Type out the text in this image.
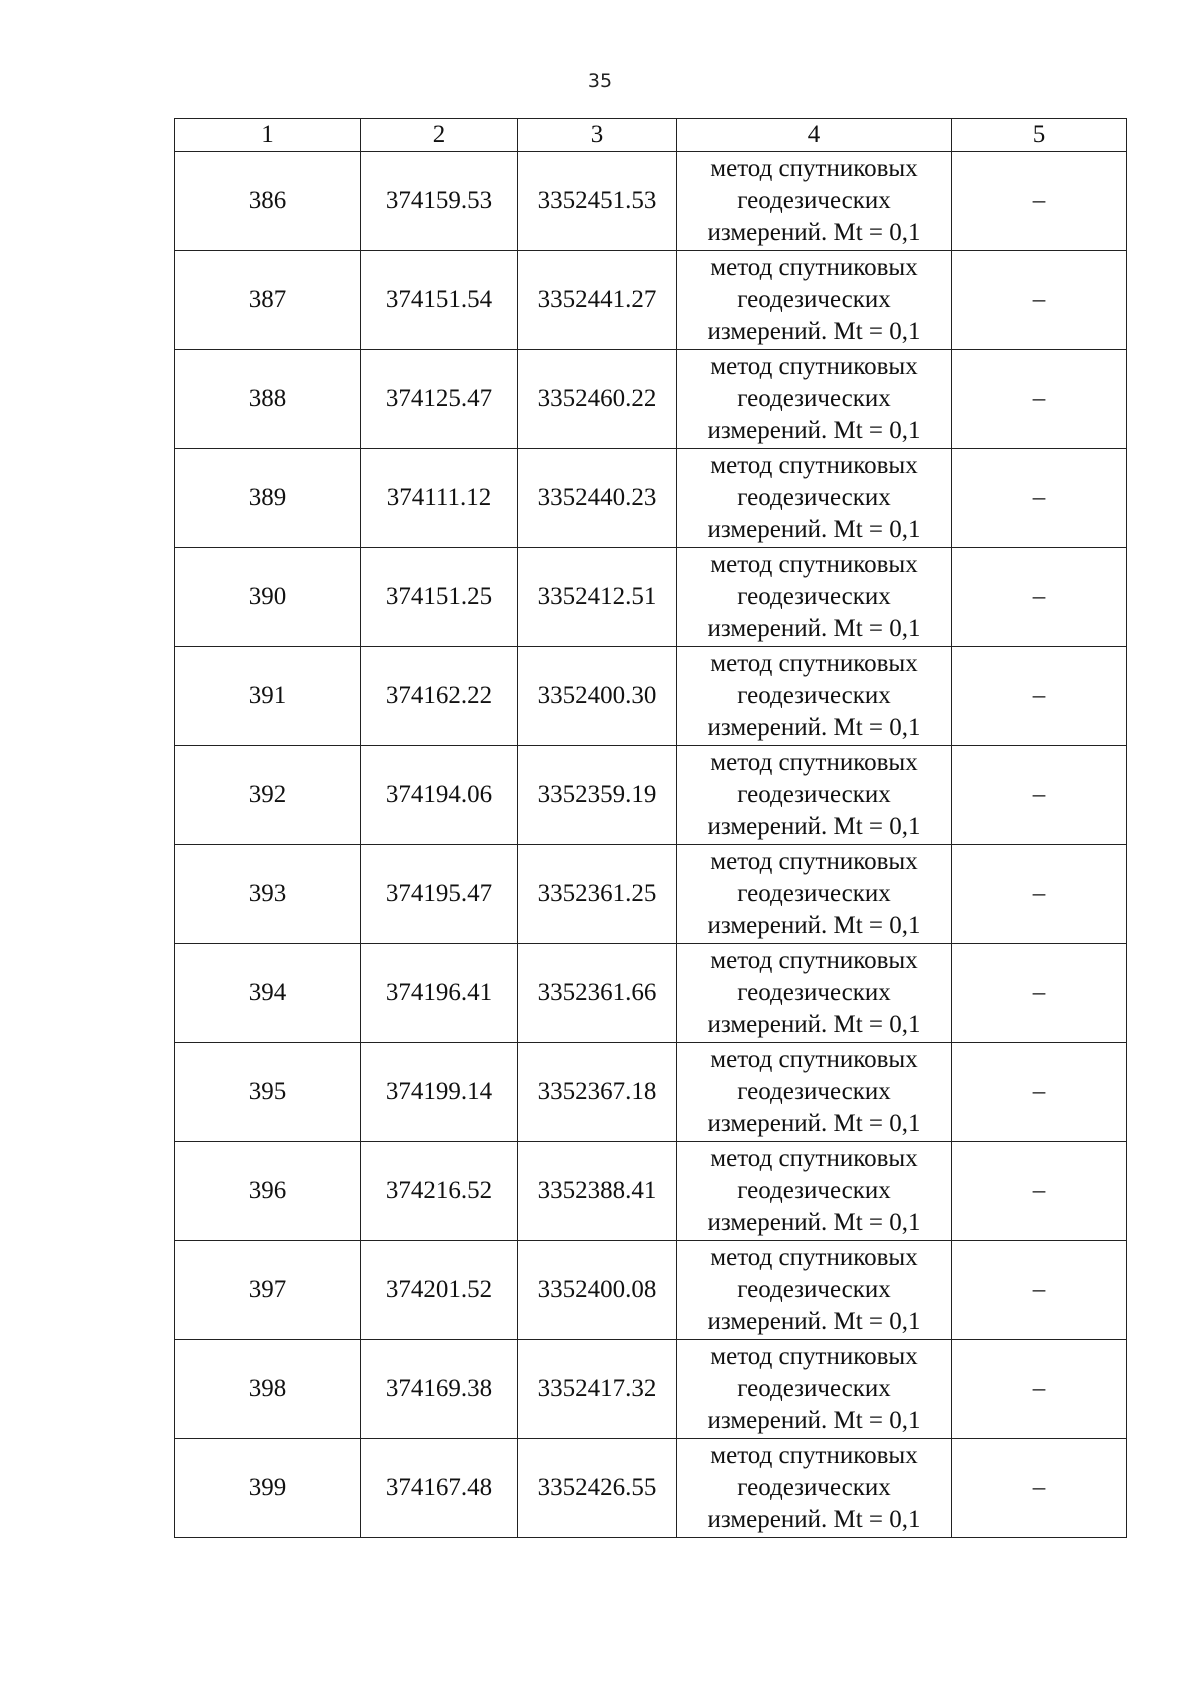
35
1	2	3	4	5
386	374159.53	3352451.53	метод спутниковых
геодезических
измерений. Mt = 0,1	–
387	374151.54	3352441.27	метод спутниковых
геодезических
измерений. Mt = 0,1	–
388	374125.47	3352460.22	метод спутниковых
геодезических
измерений. Mt = 0,1	–
389	374111.12	3352440.23	метод спутниковых
геодезических
измерений. Mt = 0,1	–
390	374151.25	3352412.51	метод спутниковых
геодезических
измерений. Mt = 0,1	–
391	374162.22	3352400.30	метод спутниковых
геодезических
измерений. Mt = 0,1	–
392	374194.06	3352359.19	метод спутниковых
геодезических
измерений. Mt = 0,1	–
393	374195.47	3352361.25	метод спутниковых
геодезических
измерений. Mt = 0,1	–
394	374196.41	3352361.66	метод спутниковых
геодезических
измерений. Mt = 0,1	–
395	374199.14	3352367.18	метод спутниковых
геодезических
измерений. Mt = 0,1	–
396	374216.52	3352388.41	метод спутниковых
геодезических
измерений. Mt = 0,1	–
397	374201.52	3352400.08	метод спутниковых
геодезических
измерений. Mt = 0,1	–
398	374169.38	3352417.32	метод спутниковых
геодезических
измерений. Mt = 0,1	–
399	374167.48	3352426.55	метод спутниковых
геодезических
измерений. Mt = 0,1	–
